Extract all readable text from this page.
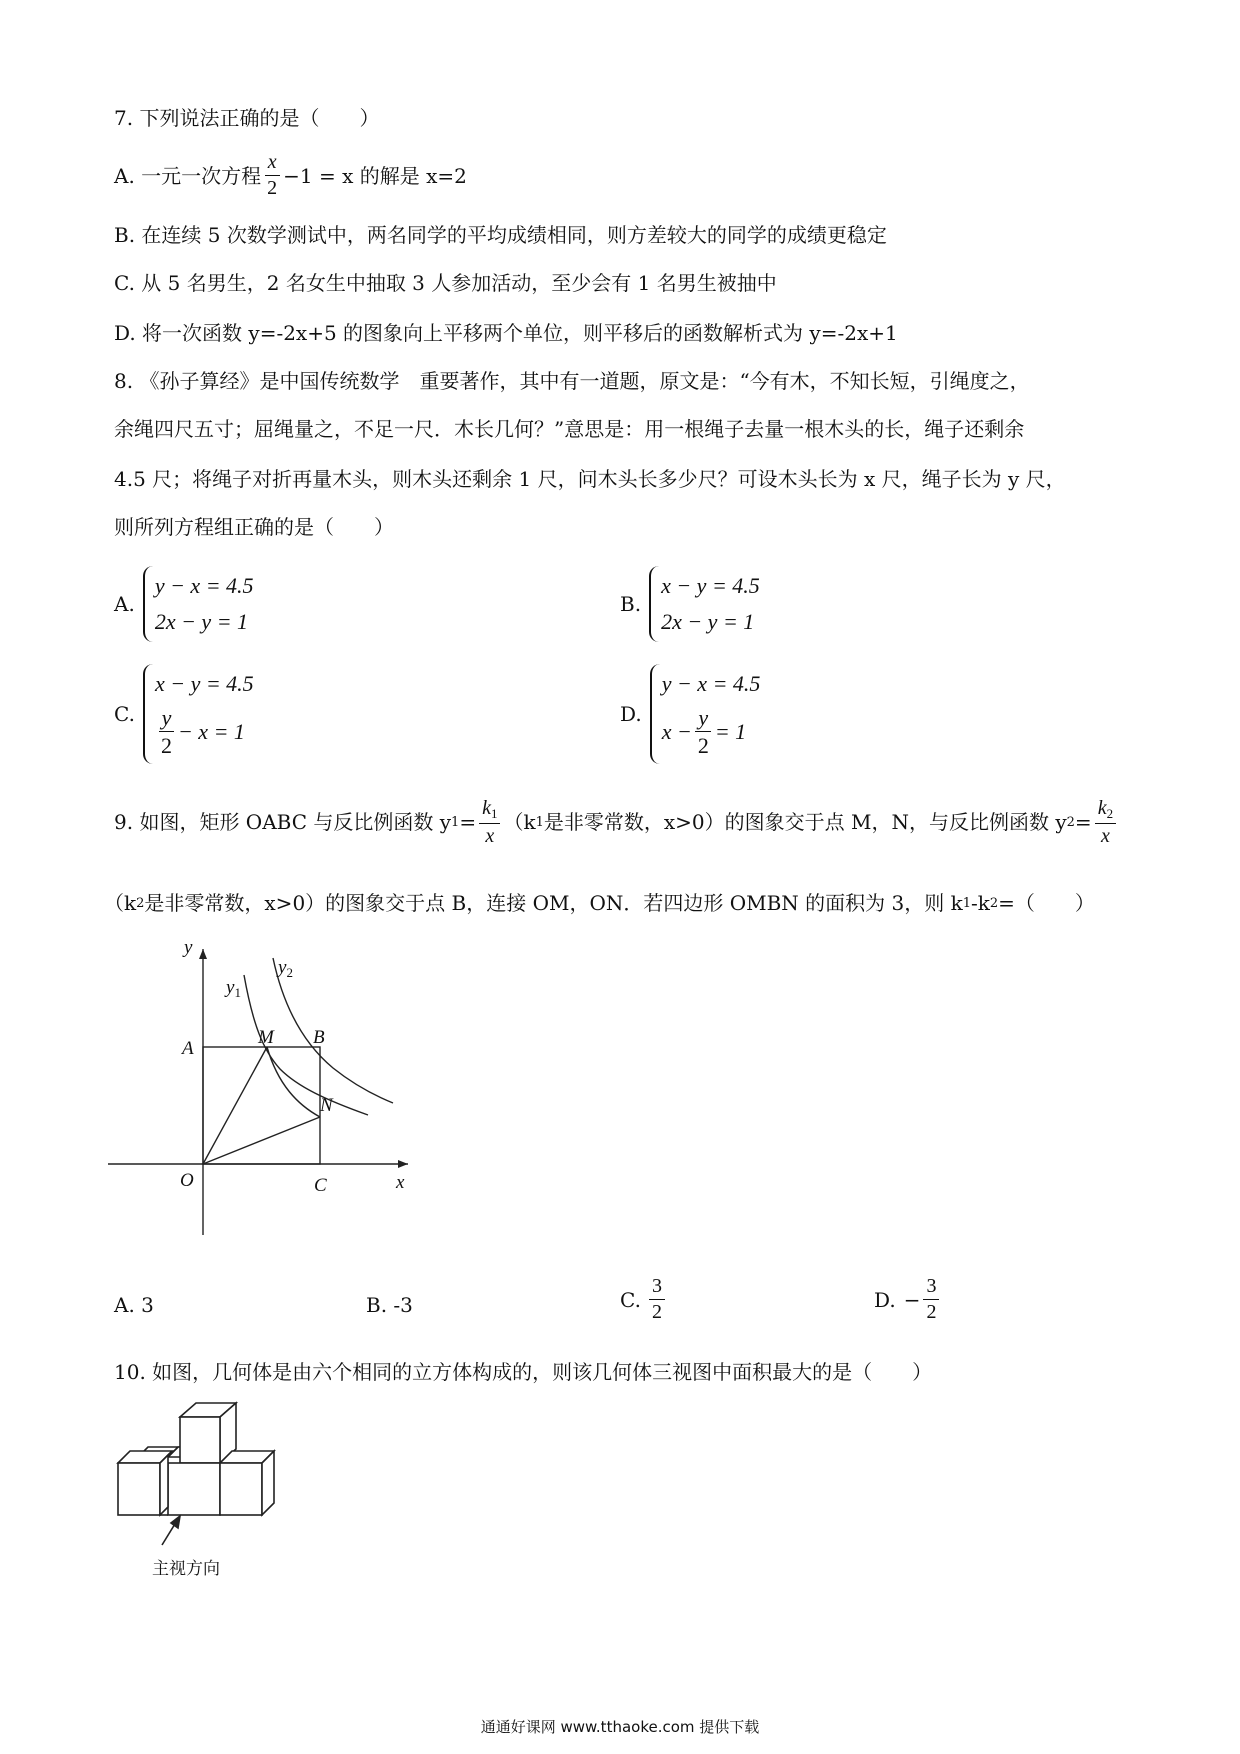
7. 下列说法正确的是（　　）
A. 一元一次方程 $\frac{x}{2} -1 = x$ 的解是 x=2
B. 在连续 5 次数学测试中，两名同学的平均成绩相同，则方差较大的同学的成绩更稳定
C. 从 5 名男生，2 名女生中抽取 3 人参加活动，至少会有 1 名男生被抽中
D. 将一次函数 y=-2x+5 的图象向上平移两个单位，则平移后的函数解析式为 y=-2x+1
8. 《孙子算经》是中国传统数学　重要著作，其中有一道题，原文是：“今有木，不知长短，引绳度之，
余绳四尺五寸；屈绳量之，不足一尺．木长几何？”意思是：用一根绳子去量一根木头的长，绳子还剩余
4.5 尺；将绳子对折再量木头，则木头还剩余 1 尺，问木头长多少尺？可设木头长为 x 尺，绳子长为 y 尺，
则所列方程组正确的是（　　）
A.
y − x = 4.5
2x − y = 1
B.
x − y = 4.5
2x − y = 1
C.
x − y = 4.5
$\frac{y}{2} - x = 1$
D.
y − x = 4.5
$x - \frac{y}{2} = 1$
9. 如图，矩形 OABC 与反比例函数 y $1 = \frac{k_1}{x} (k$ 1 是非零常数，x>0）的图象交于点 M，N，与反比例函数 y $2 = \frac{k_2}{x}$
（k 2 是非零常数，x>0）的图象交于点 B，连接 OM，ON．若四边形 OMBN 的面积为 3，则 k 1 -k 2 =（　　）
y
x
O
A
C
B
M
N
$y_1$
$y_2$
A. 3	B. -3	C. $\frac{3}{2}$	D. − $\frac{3}{2}$
10. 如图，几何体是由六个相同的立方体构成的，则该几何体三视图中面积最大的是（　　）
主视方向
通通好课网 www.tthaoke.com 提供下载
